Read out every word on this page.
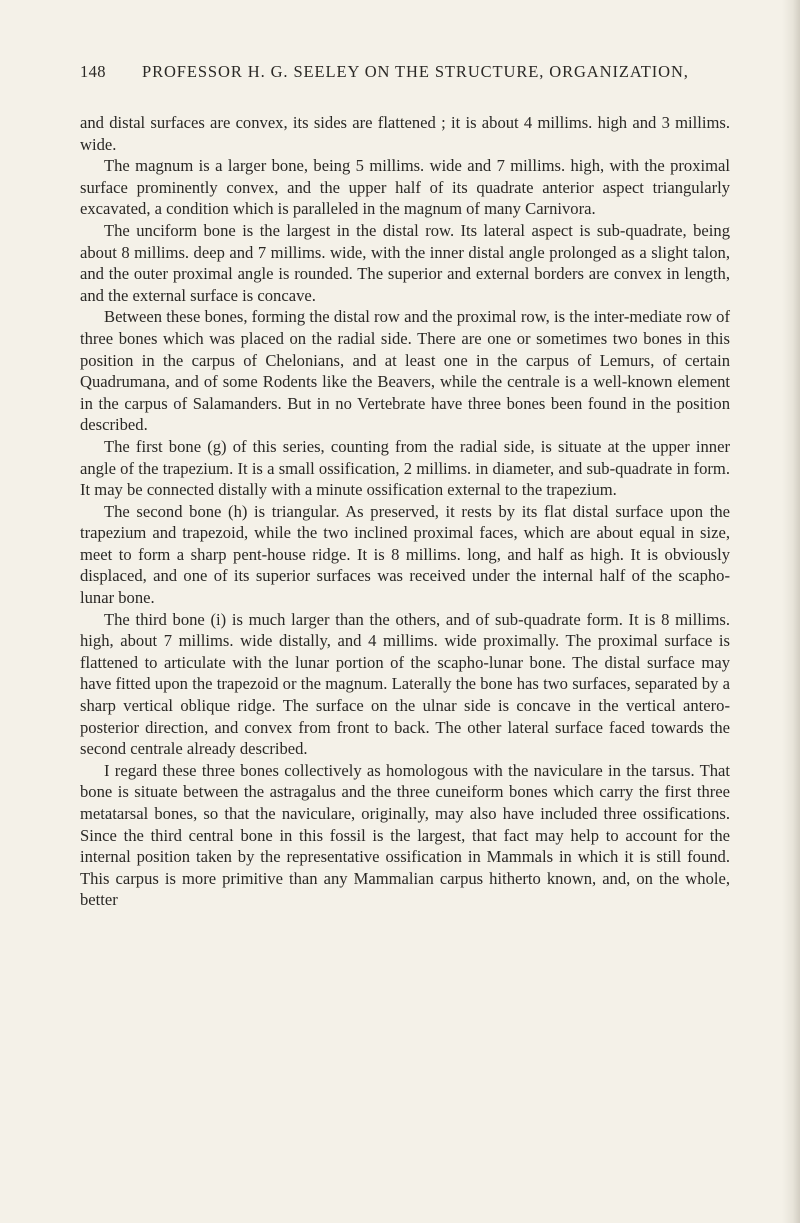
148 PROFESSOR H. G. SEELEY ON THE STRUCTURE, ORGANIZATION,

and distal surfaces are convex, its sides are flattened ; it is about 4 millims. high and 3 millims. wide.

The magnum is a larger bone, being 5 millims. wide and 7 millims. high, with the proximal surface prominently convex, and the upper half of its quadrate anterior aspect triangularly excavated, a condition which is paralleled in the magnum of many Carnivora.

The unciform bone is the largest in the distal row. Its lateral aspect is sub-quadrate, being about 8 millims. deep and 7 millims. wide, with the inner distal angle prolonged as a slight talon, and the outer proximal angle is rounded. The superior and external borders are convex in length, and the external surface is concave.

Between these bones, forming the distal row and the proximal row, is the inter-mediate row of three bones which was placed on the radial side. There are one or sometimes two bones in this position in the carpus of Chelonians, and at least one in the carpus of Lemurs, of certain Quadrumana, and of some Rodents like the Beavers, while the centrale is a well-known element in the carpus of Salamanders. But in no Vertebrate have three bones been found in the position described.

The first bone (g) of this series, counting from the radial side, is situate at the upper inner angle of the trapezium. It is a small ossification, 2 millims. in diameter, and sub-quadrate in form. It may be connected distally with a minute ossification external to the trapezium.

The second bone (h) is triangular. As preserved, it rests by its flat distal surface upon the trapezium and trapezoid, while the two inclined proximal faces, which are about equal in size, meet to form a sharp pent-house ridge. It is 8 millims. long, and half as high. It is obviously displaced, and one of its superior surfaces was received under the internal half of the scapho-lunar bone.

The third bone (i) is much larger than the others, and of sub-quadrate form. It is 8 millims. high, about 7 millims. wide distally, and 4 millims. wide proximally. The proximal surface is flattened to articulate with the lunar portion of the scapho-lunar bone. The distal surface may have fitted upon the trapezoid or the magnum. Laterally the bone has two surfaces, separated by a sharp vertical oblique ridge. The surface on the ulnar side is concave in the vertical antero-posterior direction, and convex from front to back. The other lateral surface faced towards the second centrale already described.

I regard these three bones collectively as homologous with the naviculare in the tarsus. That bone is situate between the astragalus and the three cuneiform bones which carry the first three metatarsal bones, so that the naviculare, originally, may also have included three ossifications. Since the third central bone in this fossil is the largest, that fact may help to account for the internal position taken by the representative ossification in Mammals in which it is still found. This carpus is more primitive than any Mammalian carpus hitherto known, and, on the whole, better
